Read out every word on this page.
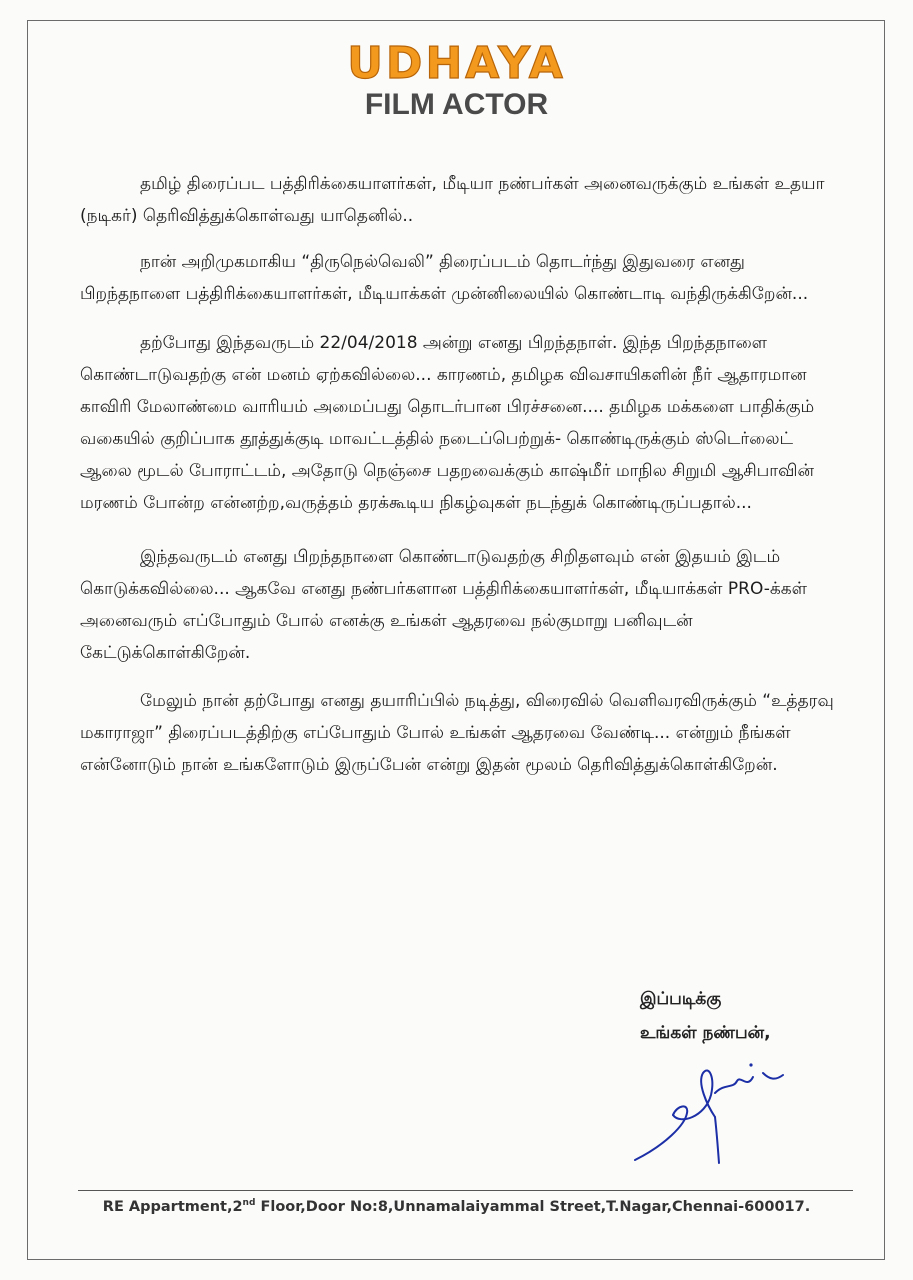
UDHAYA
FILM ACTOR

தமிழ் திரைப்பட பத்திரிக்கையாளர்கள், மீடியா நண்பர்கள் அனைவருக்கும் உங்கள் உதயா (நடிகர்) தெரிவித்துக்கொள்வது யாதெனில்..

நான் அறிமுகமாகிய “திருநெல்வெலி” திரைப்படம் தொடர்ந்து இதுவரை எனது பிறந்தநாளை பத்திரிக்கையாளர்கள், மீடியாக்கள் முன்னிலையில் கொண்டாடி வந்திருக்கிறேன்...

தற்போது இந்தவருடம் 22/04/2018 அன்று எனது பிறந்தநாள். இந்த பிறந்தநாளை கொண்டாடுவதற்கு என் மனம் ஏற்கவில்லை... காரணம், தமிழக விவசாயிகளின் நீர் ஆதாரமான காவிரி மேலாண்மை வாரியம் அமைப்பது தொடர்பான பிரச்சனை.... தமிழக மக்களை பாதிக்கும் வகையில் குறிப்பாக தூத்துக்குடி மாவட்டத்தில் நடைப்பெற்றுக்- கொண்டிருக்கும் ஸ்டெர்லைட் ஆலை மூடல் போராட்டம், அதோடு நெஞ்சை பதறவைக்கும் காஷ்மீர் மாநில சிறுமி ஆசிபாவின் மரணம் போன்ற என்னற்ற,வருத்தம் தரக்கூடிய நிகழ்வுகள் நடந்துக் கொண்டிருப்பதால்...

இந்தவருடம் எனது பிறந்தநாளை கொண்டாடுவதற்கு சிறிதளவும் என் இதயம் இடம் கொடுக்கவில்லை... ஆகவே எனது நண்பர்களான பத்திரிக்கையாளர்கள், மீடியாக்கள் PRO-க்கள் அனைவரும் எப்போதும் போல் எனக்கு உங்கள் ஆதரவை நல்குமாறு பனிவுடன் கேட்டுக்கொள்கிறேன்.

மேலும் நான் தற்போது எனது தயாரிப்பில் நடித்து, விரைவில் வெளிவரவிருக்கும் “உத்தரவு மகாராஜா” திரைப்படத்திற்கு எப்போதும் போல் உங்கள் ஆதரவை வேண்டி... என்றும் நீங்கள் என்னோடும் நான் உங்களோடும் இருப்பேன் என்று இதன் மூலம் தெரிவித்துக்கொள்கிறேன்.

இப்படிக்கு
உங்கள் நண்பன்,
RE Appartment,2nd Floor,Door No:8,Unnamalaiyammal Street,T.Nagar,Chennai-600017.
